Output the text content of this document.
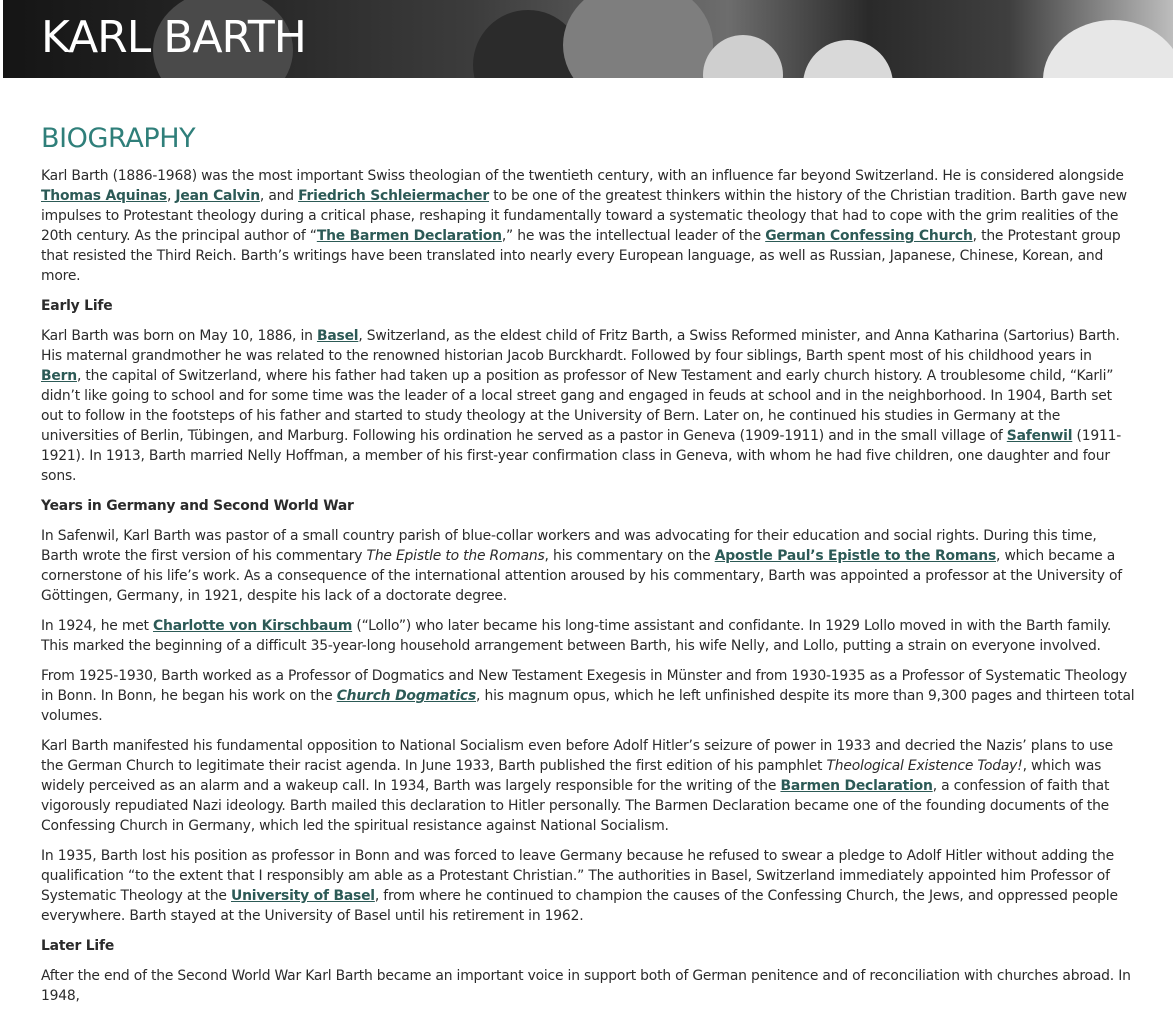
KARL BARTH
BIOGRAPHY

Karl Barth (1886-1968) was the most important Swiss theologian of the twentieth century, with an influence far beyond Switzerland. He is considered alongside Thomas Aquinas, Jean Calvin, and Friedrich Schleiermacher to be one of the greatest thinkers within the history of the Christian tradition. Barth gave new impulses to Protestant theology during a critical phase, reshaping it fundamentally toward a systematic theology that had to cope with the grim realities of the 20th century. As the principal author of “The Barmen Declaration,” he was the intellectual leader of the German Confessing Church, the Protestant group that resisted the Third Reich. Barth’s writings have been translated into nearly every European language, as well as Russian, Japanese, Chinese, Korean, and more.

Early Life

Karl Barth was born on May 10, 1886, in Basel, Switzerland, as the eldest child of Fritz Barth, a Swiss Reformed minister, and Anna Katharina (Sartorius) Barth. His maternal grandmother he was related to the renowned historian Jacob Burckhardt. Followed by four siblings, Barth spent most of his childhood years in Bern, the capital of Switzerland, where his father had taken up a position as professor of New Testament and early church history. A troublesome child, “Karli” didn’t like going to school and for some time was the leader of a local street gang and engaged in feuds at school and in the neighborhood. In 1904, Barth set out to follow in the footsteps of his father and started to study theology at the University of Bern. Later on, he continued his studies in Germany at the universities of Berlin, Tübingen, and Marburg. Following his ordination he served as a pastor in Geneva (1909-1911) and in the small village of Safenwil (1911-1921). In 1913, Barth married Nelly Hoffman, a member of his first-year confirmation class in Geneva, with whom he had five children, one daughter and four sons.

Years in Germany and Second World War

In Safenwil, Karl Barth was pastor of a small country parish of blue-collar workers and was advocating for their education and social rights. During this time, Barth wrote the first version of his commentary The Epistle to the Romans, his commentary on the Apostle Paul’s Epistle to the Romans, which became a cornerstone of his life’s work. As a consequence of the international attention aroused by his commentary, Barth was appointed a professor at the University of Göttingen, Germany, in 1921, despite his lack of a doctorate degree.

In 1924, he met Charlotte von Kirschbaum (“Lollo”) who later became his long-time assistant and confidante. In 1929 Lollo moved in with the Barth family. This marked the beginning of a difficult 35-year-long household arrangement between Barth, his wife Nelly, and Lollo, putting a strain on everyone involved.

From 1925-1930, Barth worked as a Professor of Dogmatics and New Testament Exegesis in Münster and from 1930-1935 as a Professor of Systematic Theology in Bonn. In Bonn, he began his work on the Church Dogmatics, his magnum opus, which he left unfinished despite its more than 9,300 pages and thirteen total volumes.

Karl Barth manifested his fundamental opposition to National Socialism even before Adolf Hitler’s seizure of power in 1933 and decried the Nazis’ plans to use the German Church to legitimate their racist agenda. In June 1933, Barth published the first edition of his pamphlet Theological Existence Today!, which was widely perceived as an alarm and a wakeup call. In 1934, Barth was largely responsible for the writing of the Barmen Declaration, a confession of faith that vigorously repudiated Nazi ideology. Barth mailed this declaration to Hitler personally. The Barmen Declaration became one of the founding documents of the Confessing Church in Germany, which led the spiritual resistance against National Socialism.

In 1935, Barth lost his position as professor in Bonn and was forced to leave Germany because he refused to swear a pledge to Adolf Hitler without adding the qualification “to the extent that I responsibly am able as a Protestant Christian.” The authorities in Basel, Switzerland immediately appointed him Professor of Systematic Theology at the University of Basel, from where he continued to champion the causes of the Confessing Church, the Jews, and oppressed people everywhere. Barth stayed at the University of Basel until his retirement in 1962.

Later Life

After the end of the Second World War Karl Barth became an important voice in support both of German penitence and of reconciliation with churches abroad. In 1948,
